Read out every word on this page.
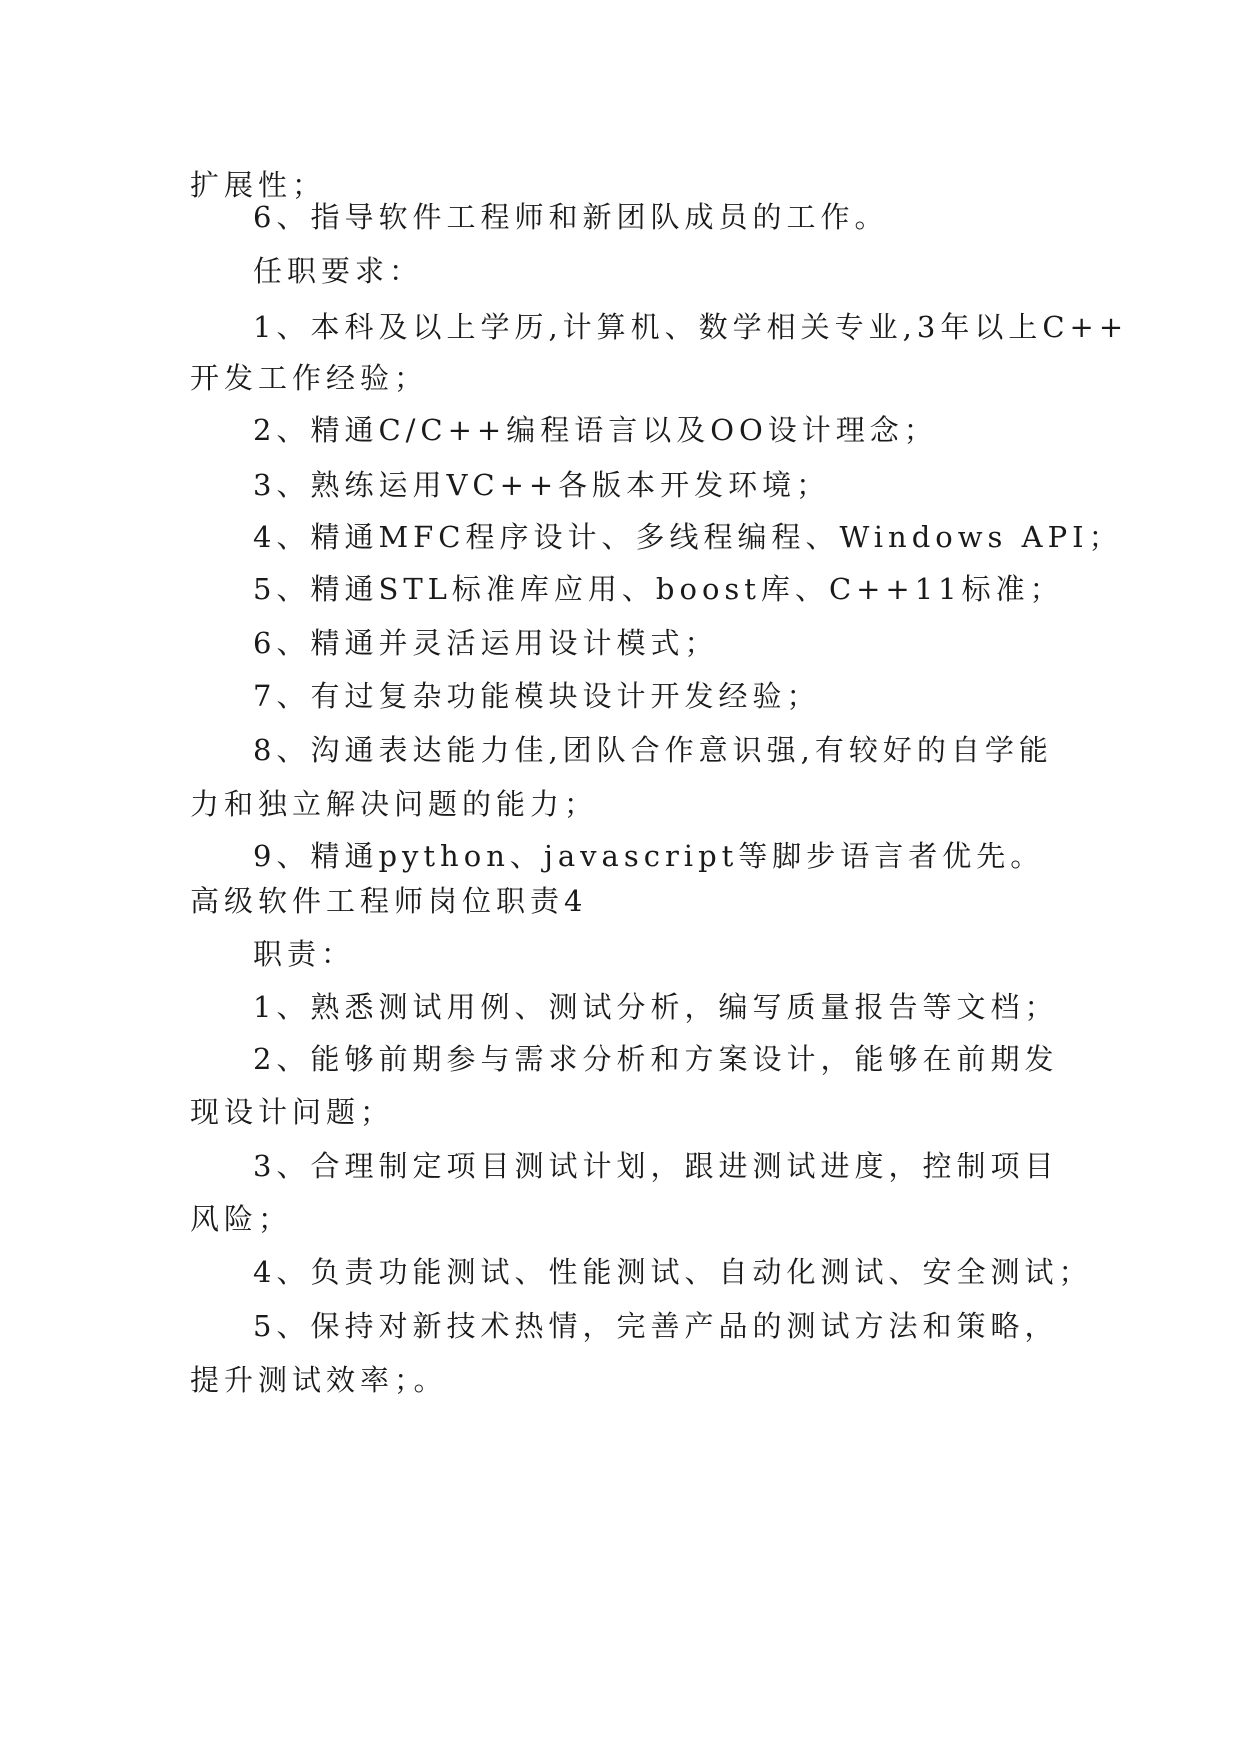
扩展性；
6、指导软件工程师和新团队成员的工作。
任职要求：
1、本科及以上学历,计算机、数学相关专业,3年以上C++
开发工作经验；
2、精通C/C++编程语言以及OO设计理念；
3、熟练运用VC++各版本开发环境；
4、精通MFC程序设计、多线程编程、Windows API；
5、精通STL标准库应用、boost库、C++11标准；
6、精通并灵活运用设计模式；
7、有过复杂功能模块设计开发经验；
8、沟通表达能力佳,团队合作意识强,有较好的自学能
力和独立解决问题的能力；
9、精通python、javascript等脚步语言者优先。
高级软件工程师岗位职责4
职责：
1、熟悉测试用例、测试分析，编写质量报告等文档；
2、能够前期参与需求分析和方案设计，能够在前期发
现设计问题；
3、合理制定项目测试计划，跟进测试进度，控制项目
风险；
4、负责功能测试、性能测试、自动化测试、安全测试；
5、保持对新技术热情，完善产品的测试方法和策略，
提升测试效率；。
